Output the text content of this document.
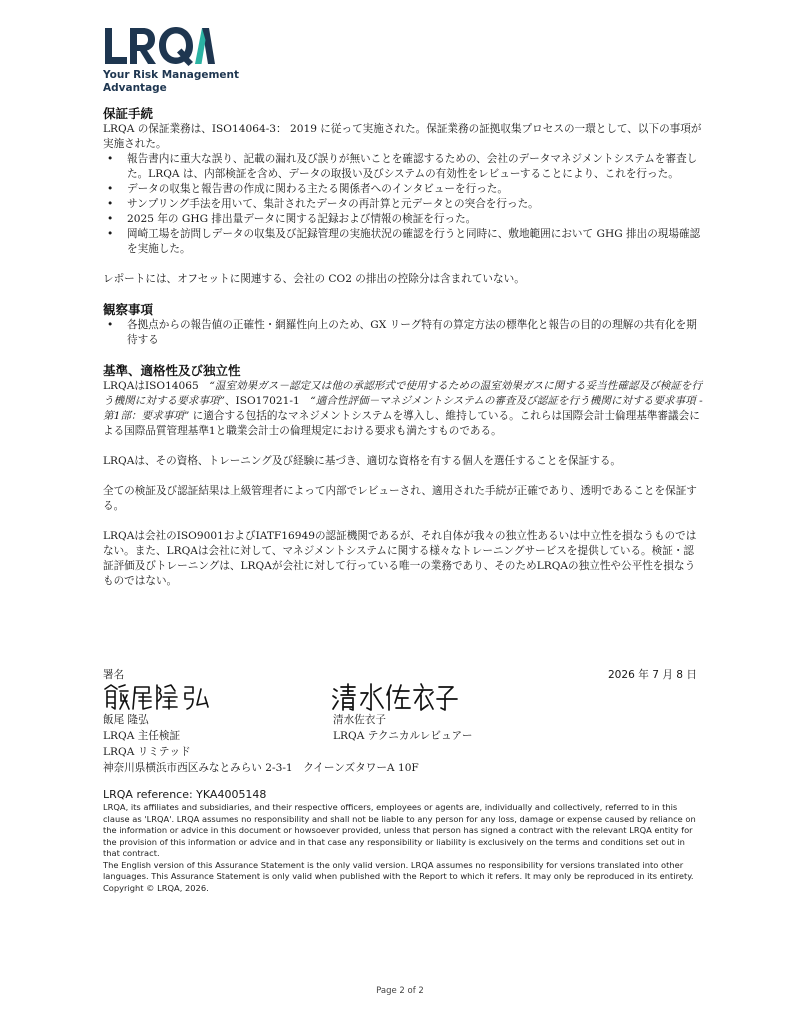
Your Risk Management
Advantage
保証手続

LRQA の保証業務は、ISO14064-3： 2019 に従って実施された。保証業務の証拠収集プロセスの一環として、以下の事項が実施された。

• 報告書内に重大な誤り、記載の漏れ及び誤りが無いことを確認するための、会社のデータマネジメントシステムを審査した。LRQA は、内部検証を含め、データの取扱い及びシステムの有効性をレビューすることにより、これを行った。
• データの収集と報告書の作成に関わる主たる関係者へのインタビューを行った。
• サンプリング手法を用いて、集計されたデータの再計算と元データとの突合を行った。
• 2025 年の GHG 排出量データに関する記録および情報の検証を行った。
• 岡崎工場を訪問しデータの収集及び記録管理の実施状況の確認を行うと同時に、敷地範囲において GHG 排出の現場確認を実施した。

レポートには、オフセットに関連する、会社の CO2 の排出の控除分は含まれていない。

観察事項
• 各拠点からの報告値の正確性・網羅性向上のため、GX リーグ特有の算定方法の標準化と報告の目的の理解の共有化を期待する
基準、適格性及び独立性

LRQAはISO14065　“温室効果ガス－認定又は他の承認形式で使用するための温室効果ガスに関する妥当性確認及び検証を行う機関に対する要求事項”、ISO17021-1　“適合性評価－マネジメントシステムの審査及び認証を行う機関に対する要求事項 - 第1部：要求事項” に適合する包括的なマネジメントシステムを導入し、維持している。これらは国際会計士倫理基準審議会による国際品質管理基準1と職業会計士の倫理規定における要求も満たすものである。

LRQAは、その資格、トレーニング及び経験に基づき、適切な資格を有する個人を選任することを保証する。

全ての検証及び認証結果は上級管理者によって内部でレビューされ、適用された手続が正確であり、透明であることを保証する。

LRQAは会社のISO9001およびIATF16949の認証機関であるが、それ自体が我々の独立性あるいは中立性を損なうものではない。また、LRQAは会社に対して、マネジメントシステムに関する様々なトレーニングサービスを提供している。検証・認証評価及びトレーニングは、LRQAが会社に対して行っている唯一の業務であり、そのためLRQAの独立性や公平性を損なうものではない。

署名	2026 年 7 月 8 日
飯尾 隆弘
LRQA 主任検証
LRQA リミテッド
清水佐衣子
LRQA テクニカルレビュアー
神奈川県横浜市西区みなとみらい 2-3-1　クイーンズタワーA 10F

LRQA reference: YKA4005148

LRQA, its affiliates and subsidiaries, and their respective officers, employees or agents are, individually and collectively, referred to in this clause as 'LRQA'. LRQA assumes no responsibility and shall not be liable to any person for any loss, damage or expense caused by reliance on the information or advice in this document or howsoever provided, unless that person has signed a contract with the relevant LRQA entity for the provision of this information or advice and in that case any responsibility or liability is exclusively on the terms and conditions set out in that contract.

The English version of this Assurance Statement is the only valid version. LRQA assumes no responsibility for versions translated into other languages. This Assurance Statement is only valid when published with the Report to which it refers. It may only be reproduced in its entirety.

Copyright © LRQA, 2026.

Page 2 of 2
